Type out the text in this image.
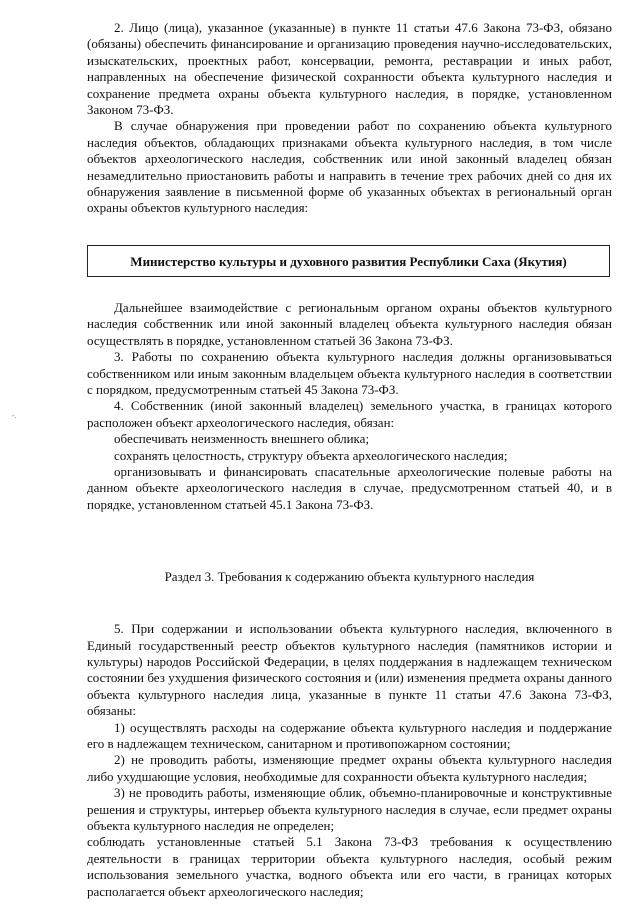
-.

2. Лицо (лица), указанное (указанные) в пункте 11 статьи 47.6 Закона 73-ФЗ, обязано (обязаны) обеспечить финансирование и организацию проведения научно-исследовательских, изыскательских, проектных работ, консервации, ремонта, реставрации и иных работ, направленных на обеспечение физической сохранности объекта культурного наследия и сохранение предмета охраны объекта культурного наследия, в порядке, установленном Законом 73-ФЗ.

В случае обнаружения при проведении работ по сохранению объекта культурного наследия объектов, обладающих признаками объекта культурного наследия, в том числе объектов археологического наследия, собственник или иной законный владелец обязан незамедлительно приостановить работы и направить в течение трех рабочих дней со дня их обнаружения заявление в письменной форме об указанных объектах в региональный орган охраны объектов культурного наследия:

Министерство культуры и духовного развития Республики Саха (Якутия)

Дальнейшее взаимодействие с региональным органом охраны объектов культурного наследия собственник или иной законный владелец объекта культурного наследия обязан осуществлять в порядке, установленном статьей 36 Закона 73-ФЗ.

3. Работы по сохранению объекта культурного наследия должны организовываться собственником или иным законным владельцем объекта культурного наследия в соответствии с порядком, предусмотренным статьей 45 Закона 73-ФЗ.

4. Собственник (иной законный владелец) земельного участка, в границах которого расположен объект археологического наследия, обязан:

обеспечивать неизменность внешнего облика;

сохранять целостность, структуру объекта археологического наследия;

организовывать и финансировать спасательные археологические полевые работы на данном объекте археологического наследия в случае, предусмотренном статьей 40, и в порядке, установленном статьей 45.1 Закона 73-ФЗ.

Раздел 3. Требования к содержанию объекта культурного наследия

5. При содержании и использовании объекта культурного наследия, включенного в Единый государственный реестр объектов культурного наследия (памятников истории и культуры) народов Российской Федерации, в целях поддержания в надлежащем техническом состоянии без ухудшения физического состояния и (или) изменения предмета охраны данного объекта культурного наследия лица, указанные в пункте 11 статьи 47.6 Закона 73-ФЗ, обязаны:

1) осуществлять расходы на содержание объекта культурного наследия и поддержание его в надлежащем техническом, санитарном и противопожарном состоянии;

2) не проводить работы, изменяющие предмет охраны объекта культурного наследия либо ухудшающие условия, необходимые для сохранности объекта культурного наследия;

3) не проводить работы, изменяющие облик, объемно-планировочные и конструктивные решения и структуры, интерьер объекта культурного наследия в случае, если предмет охраны объекта культурного наследия не определен;

соблюдать установленные статьей 5.1 Закона 73-ФЗ требования к осуществлению деятельности в границах территории объекта культурного наследия, особый режим использования земельного участка, водного объекта или его части, в границах которых располагается объект археологического наследия;
